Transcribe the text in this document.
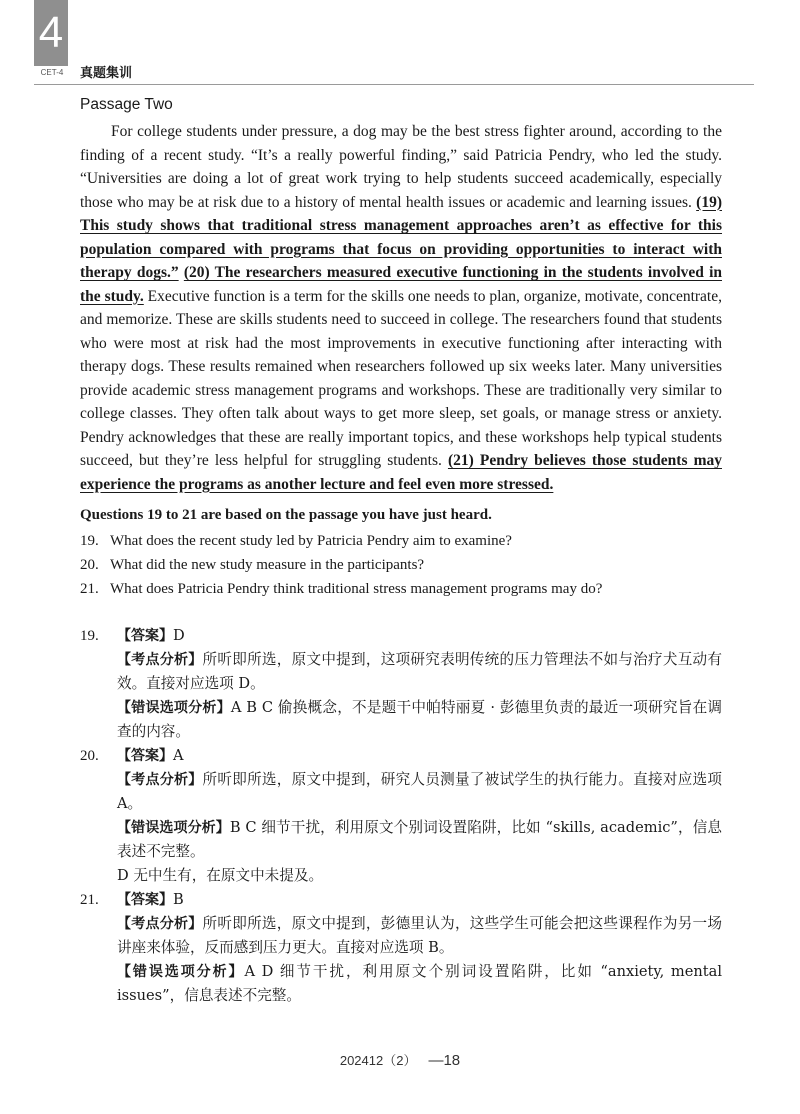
4
CET-4	真题集训
Passage Two

For college students under pressure, a dog may be the best stress fighter around, according to the finding of a recent study. “It’s a really powerful finding,” said Patricia Pendry, who led the study. “Universities are doing a lot of great work trying to help students succeed academically, especially those who may be at risk due to a history of mental health issues or academic and learning issues. (19) This study shows that traditional stress management approaches aren’t as effective for this population compared with programs that focus on providing opportunities to interact with therapy dogs.” (20) The researchers measured executive functioning in the students involved in the study. Executive function is a term for the skills one needs to plan, organize, motivate, concentrate, and memorize. These are skills students need to succeed in college. The researchers found that students who were most at risk had the most improvements in executive functioning after interacting with therapy dogs. These results remained when researchers followed up six weeks later. Many universities provide academic stress management programs and workshops. These are traditionally very similar to college classes. They often talk about ways to get more sleep, set goals, or manage stress or anxiety. Pendry acknowledges that these are really important topics, and these workshops help typical students succeed, but they’re less helpful for struggling students. (21) Pendry believes those students may experience the programs as another lecture and feel even more stressed.

Questions 19 to 21 are based on the passage you have just heard.
19. What does the recent study led by Patricia Pendry aim to examine?
20. What did the new study measure in the participants?
21. What does Patricia Pendry think traditional stress management programs may do?
19.	【答案】 D
【考点分析】所听即所选，原文中提到，这项研究表明传统的压力管理法不如与治疗犬互动有效。直接对应选项 D。
【错误选项分析】A B C 偷换概念，不是题干中帕特丽夏 · 彭德里负责的最近一项研究旨在调查的内容。
20.	【答案】 A
【考点分析】所听即所选，原文中提到，研究人员测量了被试学生的执行能力。直接对应选项 A。
【错误选项分析】B C 细节干扰，利用原文个别词设置陷阱，比如 “skills, academic”，信息表述不完整。
D 无中生有，在原文中未提及。
21.	【答案】 B
【考点分析】所听即所选，原文中提到，彭德里认为，这些学生可能会把这些课程作为另一场讲座来体验，反而感到压力更大。直接对应选项 B。
【错误选项分析】A D 细节干扰，利用原文个别词设置陷阱，比如 “anxiety, mental issues”，信息表述不完整。
202412（2） —18
